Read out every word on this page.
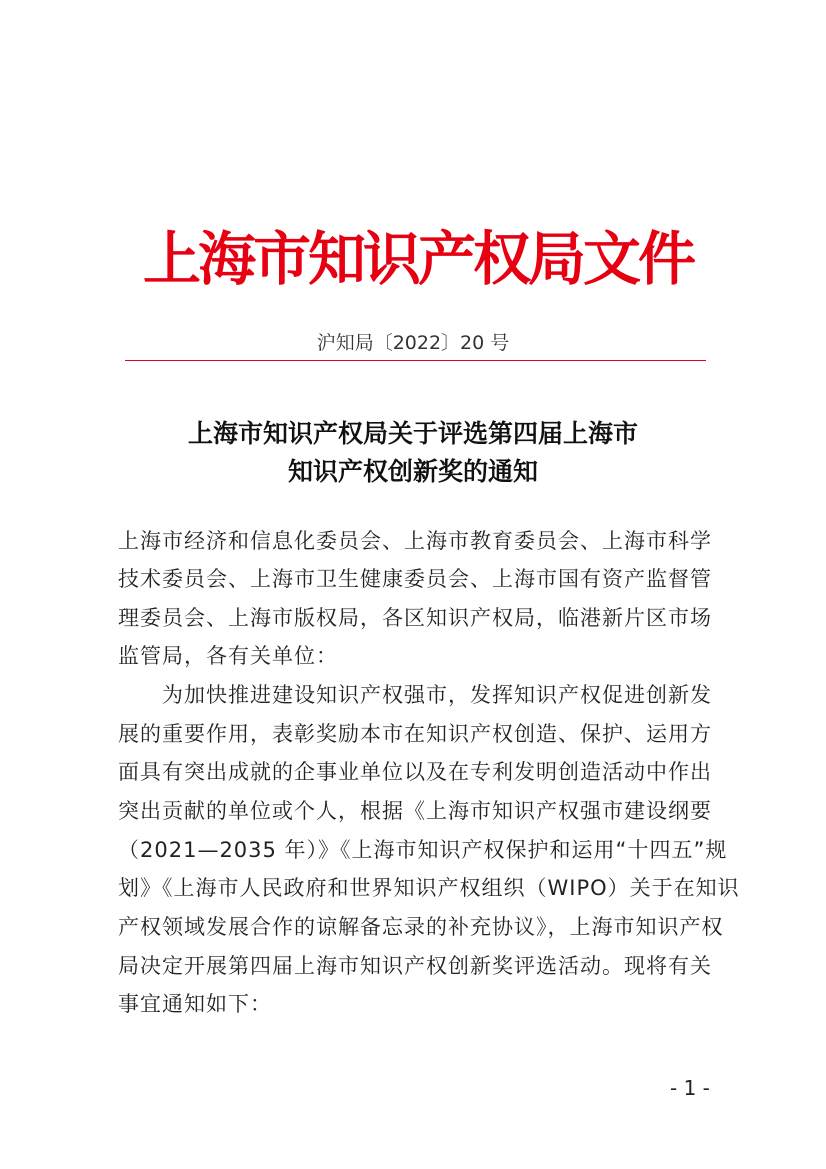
上海市知识产权局文件
沪知局〔2022〕20 号
上海市知识产权局关于评选第四届上海市
知识产权创新奖的通知
上海市经济和信息化委员会、上海市教育委员会、上海市科学
技术委员会、上海市卫生健康委员会、上海市国有资产监督管
理委员会、上海市版权局，各区知识产权局，临港新片区市场
监管局，各有关单位：
　　为加快推进建设知识产权强市，发挥知识产权促进创新发
展的重要作用，表彰奖励本市在知识产权创造、保护、运用方
面具有突出成就的企事业单位以及在专利发明创造活动中作出
突出贡献的单位或个人，根据《上海市知识产权强市建设纲要
（2021—2035 年）》《上海市知识产权保护和运用“十四五”规
划》《上海市人民政府和世界知识产权组织（WIPO）关于在知识
产权领域发展合作的谅解备忘录的补充协议》，上海市知识产权
局决定开展第四届上海市知识产权创新奖评选活动。现将有关
事宜通知如下：
- 1 -
